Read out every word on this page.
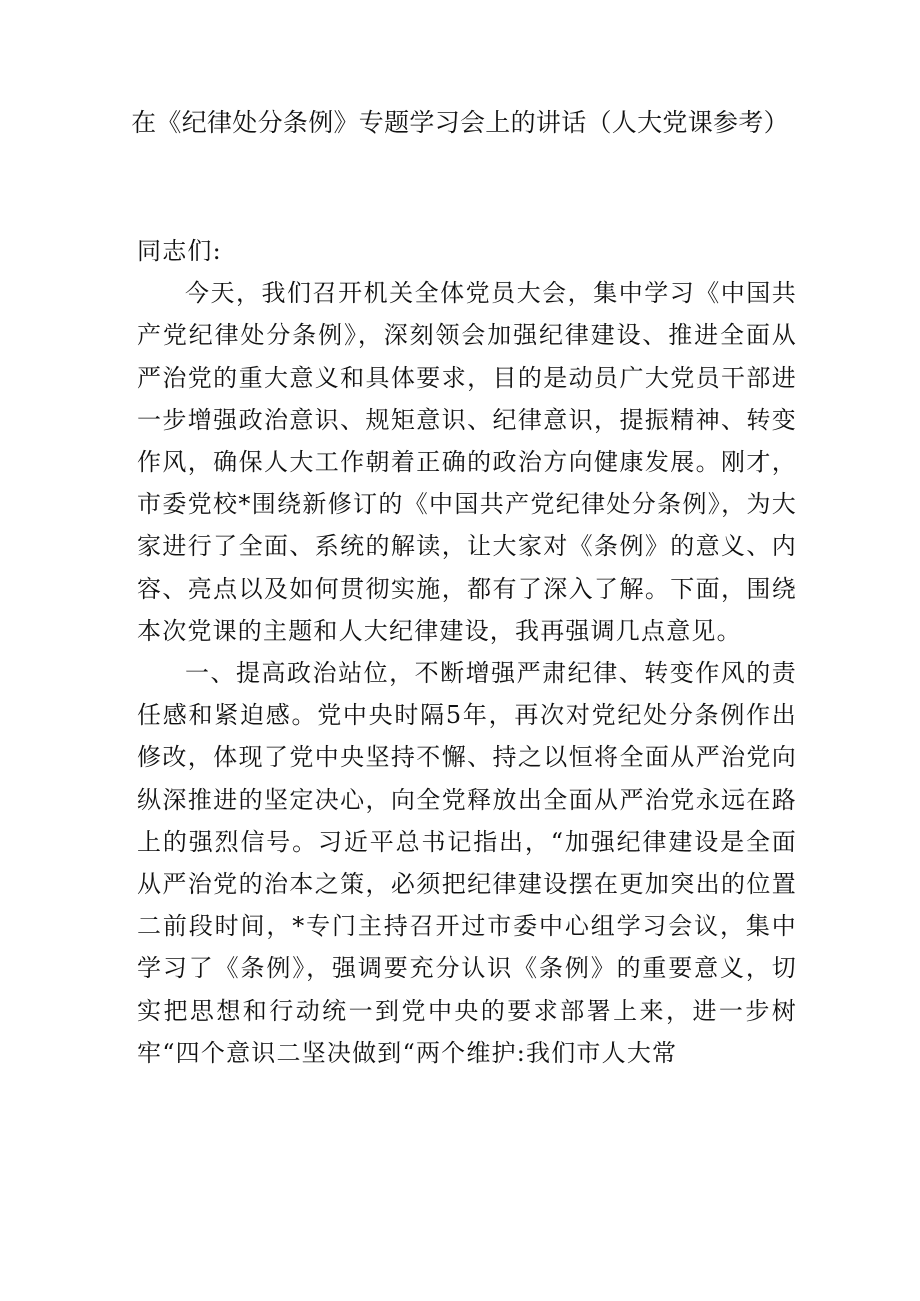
在《纪律处分条例》专题学习会上的讲话（人大党课参考）

同志们:

今天，我们召开机关全体党员大会，集中学习《中国共产党纪律处分条例》，深刻领会加强纪律建设、推进全面从严治党的重大意义和具体要求，目的是动员广大党员干部进一步增强政治意识、规矩意识、纪律意识，提振精神、转变作风，确保人大工作朝着正确的政治方向健康发展。刚才，市委党校*围绕新修订的《中国共产党纪律处分条例》，为大家进行了全面、系统的解读，让大家对《条例》的意义、内容、亮点以及如何贯彻实施，都有了深入了解。下面，围绕本次党课的主题和人大纪律建设，我再强调几点意见。

一、提高政治站位，不断增强严肃纪律、转变作风的责任感和紧迫感。党中央时隔5年，再次对党纪处分条例作出修改，体现了党中央坚持不懈、持之以恒将全面从严治党向纵深推进的坚定决心，向全党释放出全面从严治党永远在路上的强烈信号。习近平总书记指出，“加强纪律建设是全面从严治党的治本之策，必须把纪律建设摆在更加突出的位置二前段时间，*专门主持召开过市委中心组学习会议，集中学习了《条例》，强调要充分认识《条例》的重要意义，切实把思想和行动统一到党中央的要求部署上来，进一步树牢“四个意识二坚决做到“两个维护:我们市人大常
